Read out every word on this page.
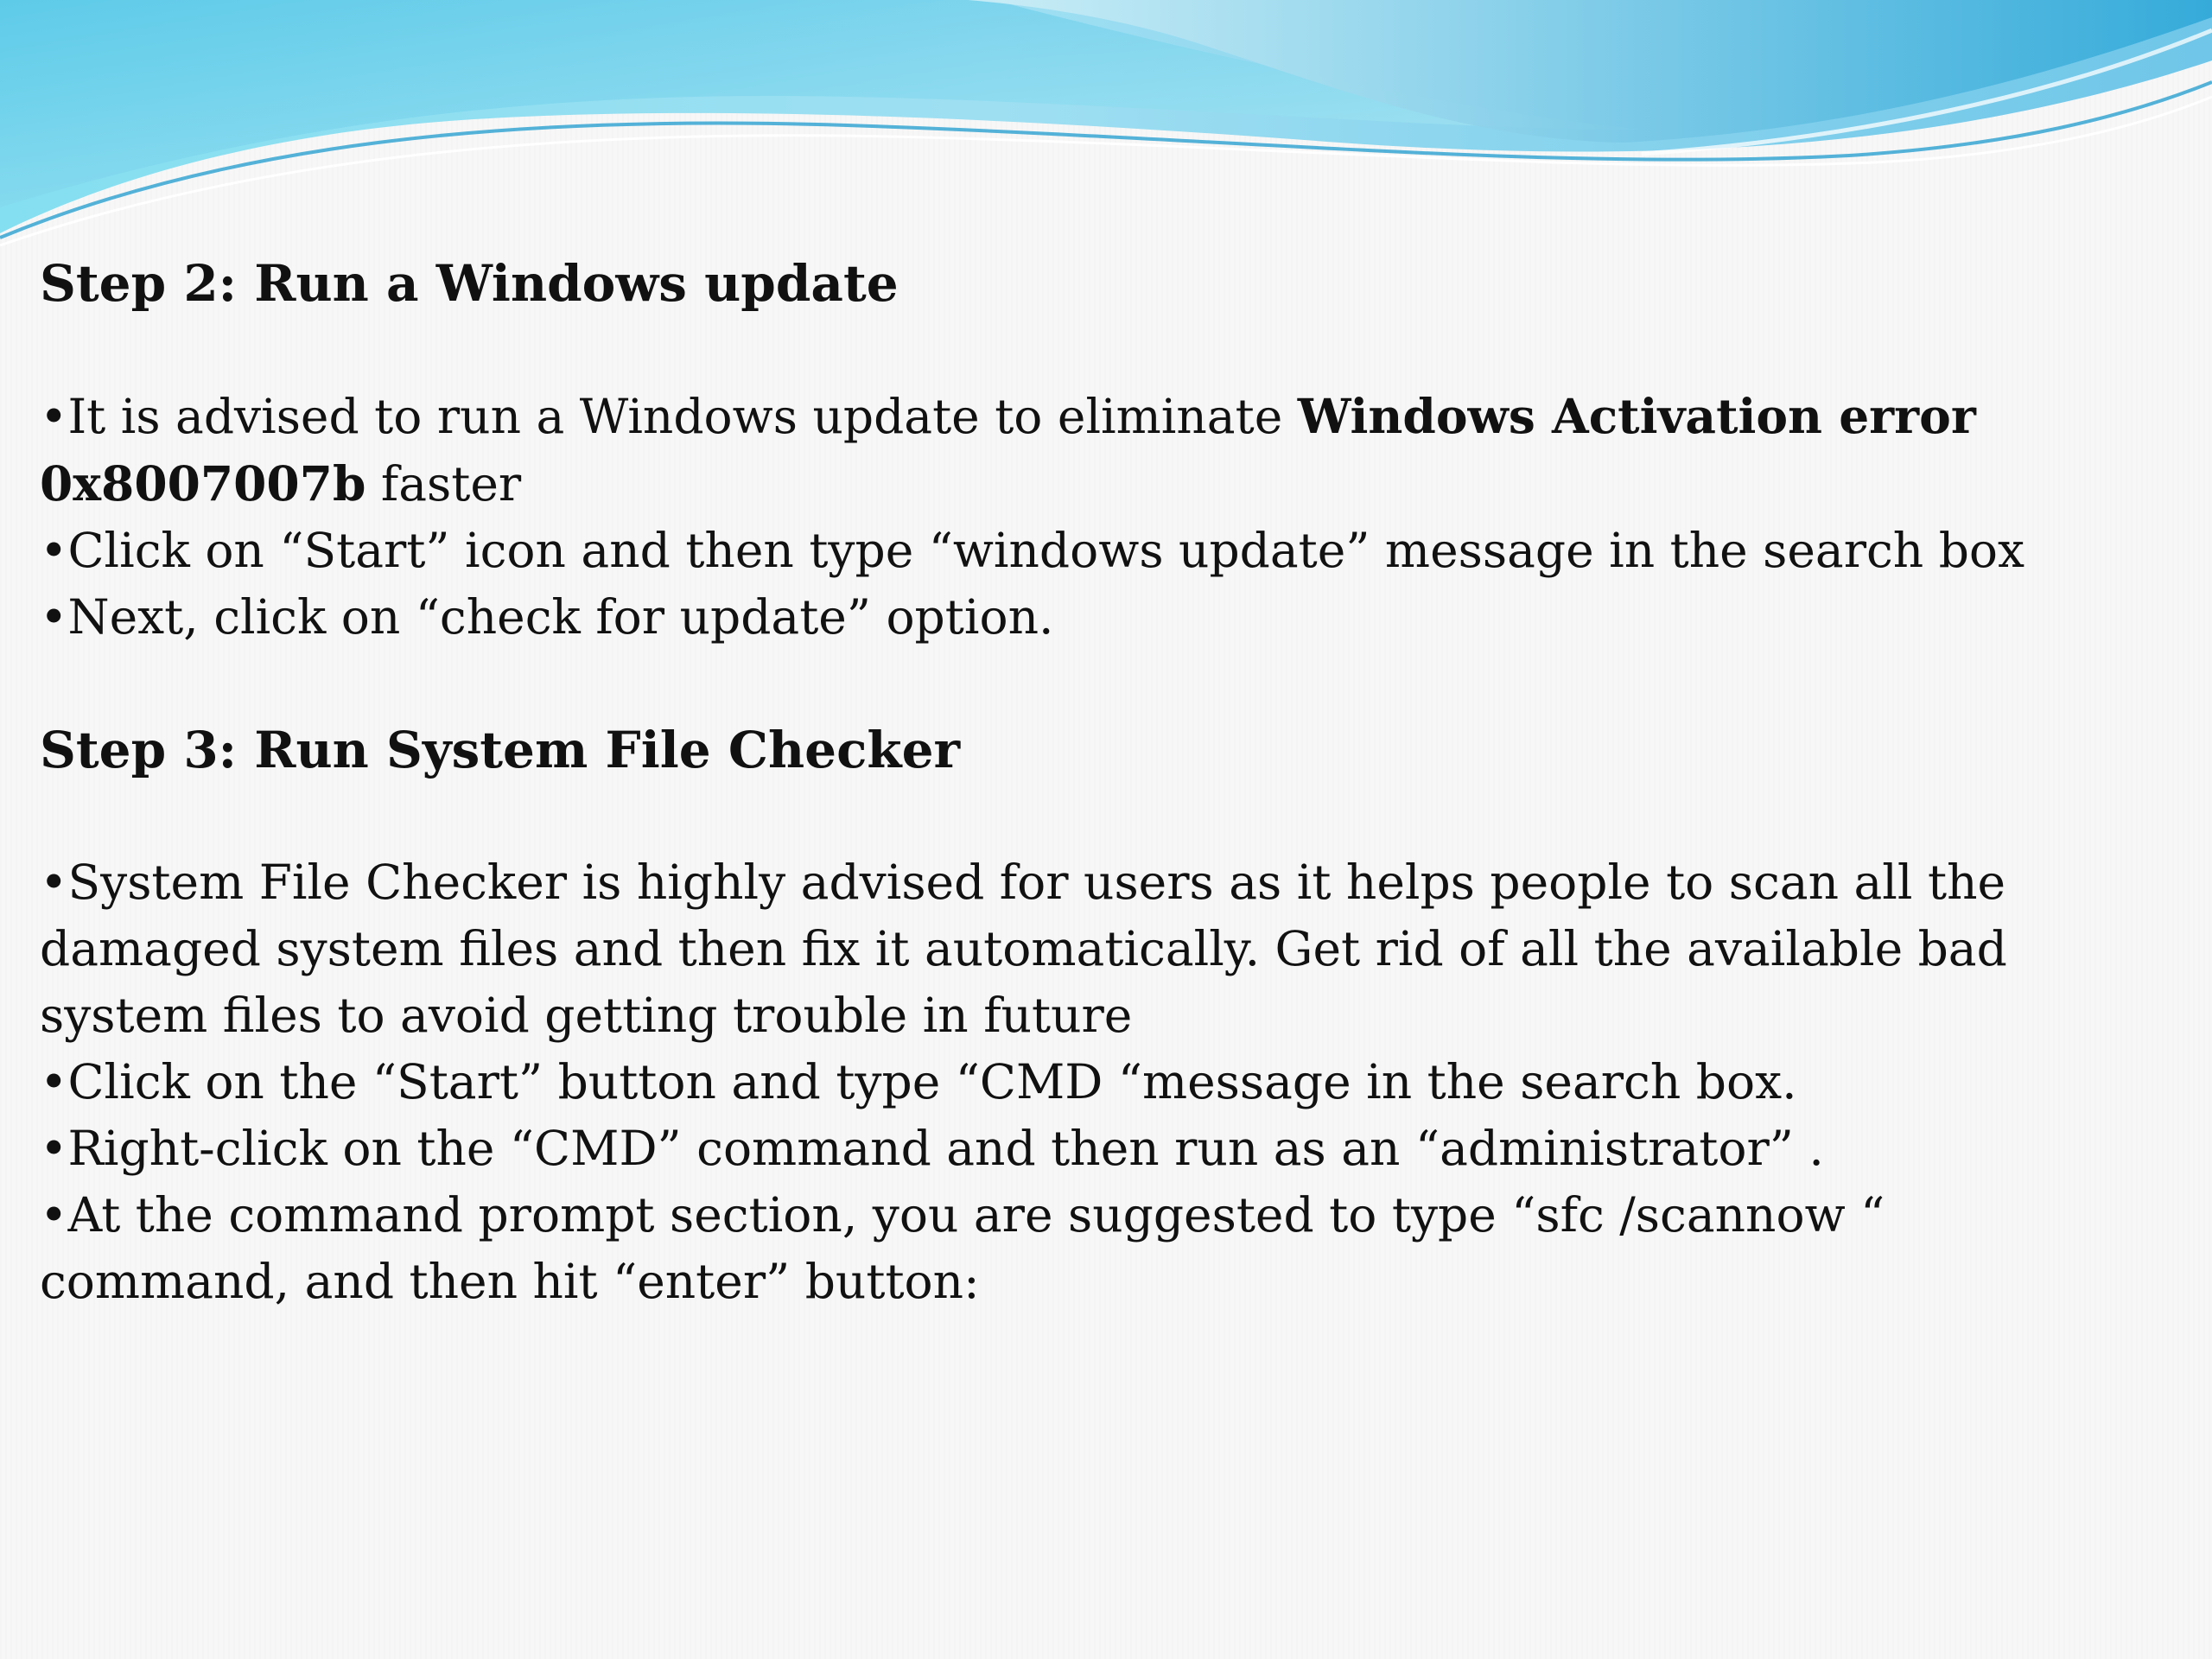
Step 2: Run a Windows update

•It is advised to run a Windows update to eliminate Windows Activation error 0x8007007b faster

•Click on “Start” icon and then type “windows update” message in the search box

•Next, click on “check for update” option.

Step 3: Run System File Checker

•System File Checker is highly advised for users as it helps people to scan all the damaged system files and then fix it automatically. Get rid of all the available bad system files to avoid getting trouble in future

•Click on the “Start” button and type “CMD “message in the search box.

•Right-click on the “CMD” command and then run as an “administrator” .

•At the command prompt section, you are suggested to type “sfc /scannow “ command, and then hit “enter” button:
